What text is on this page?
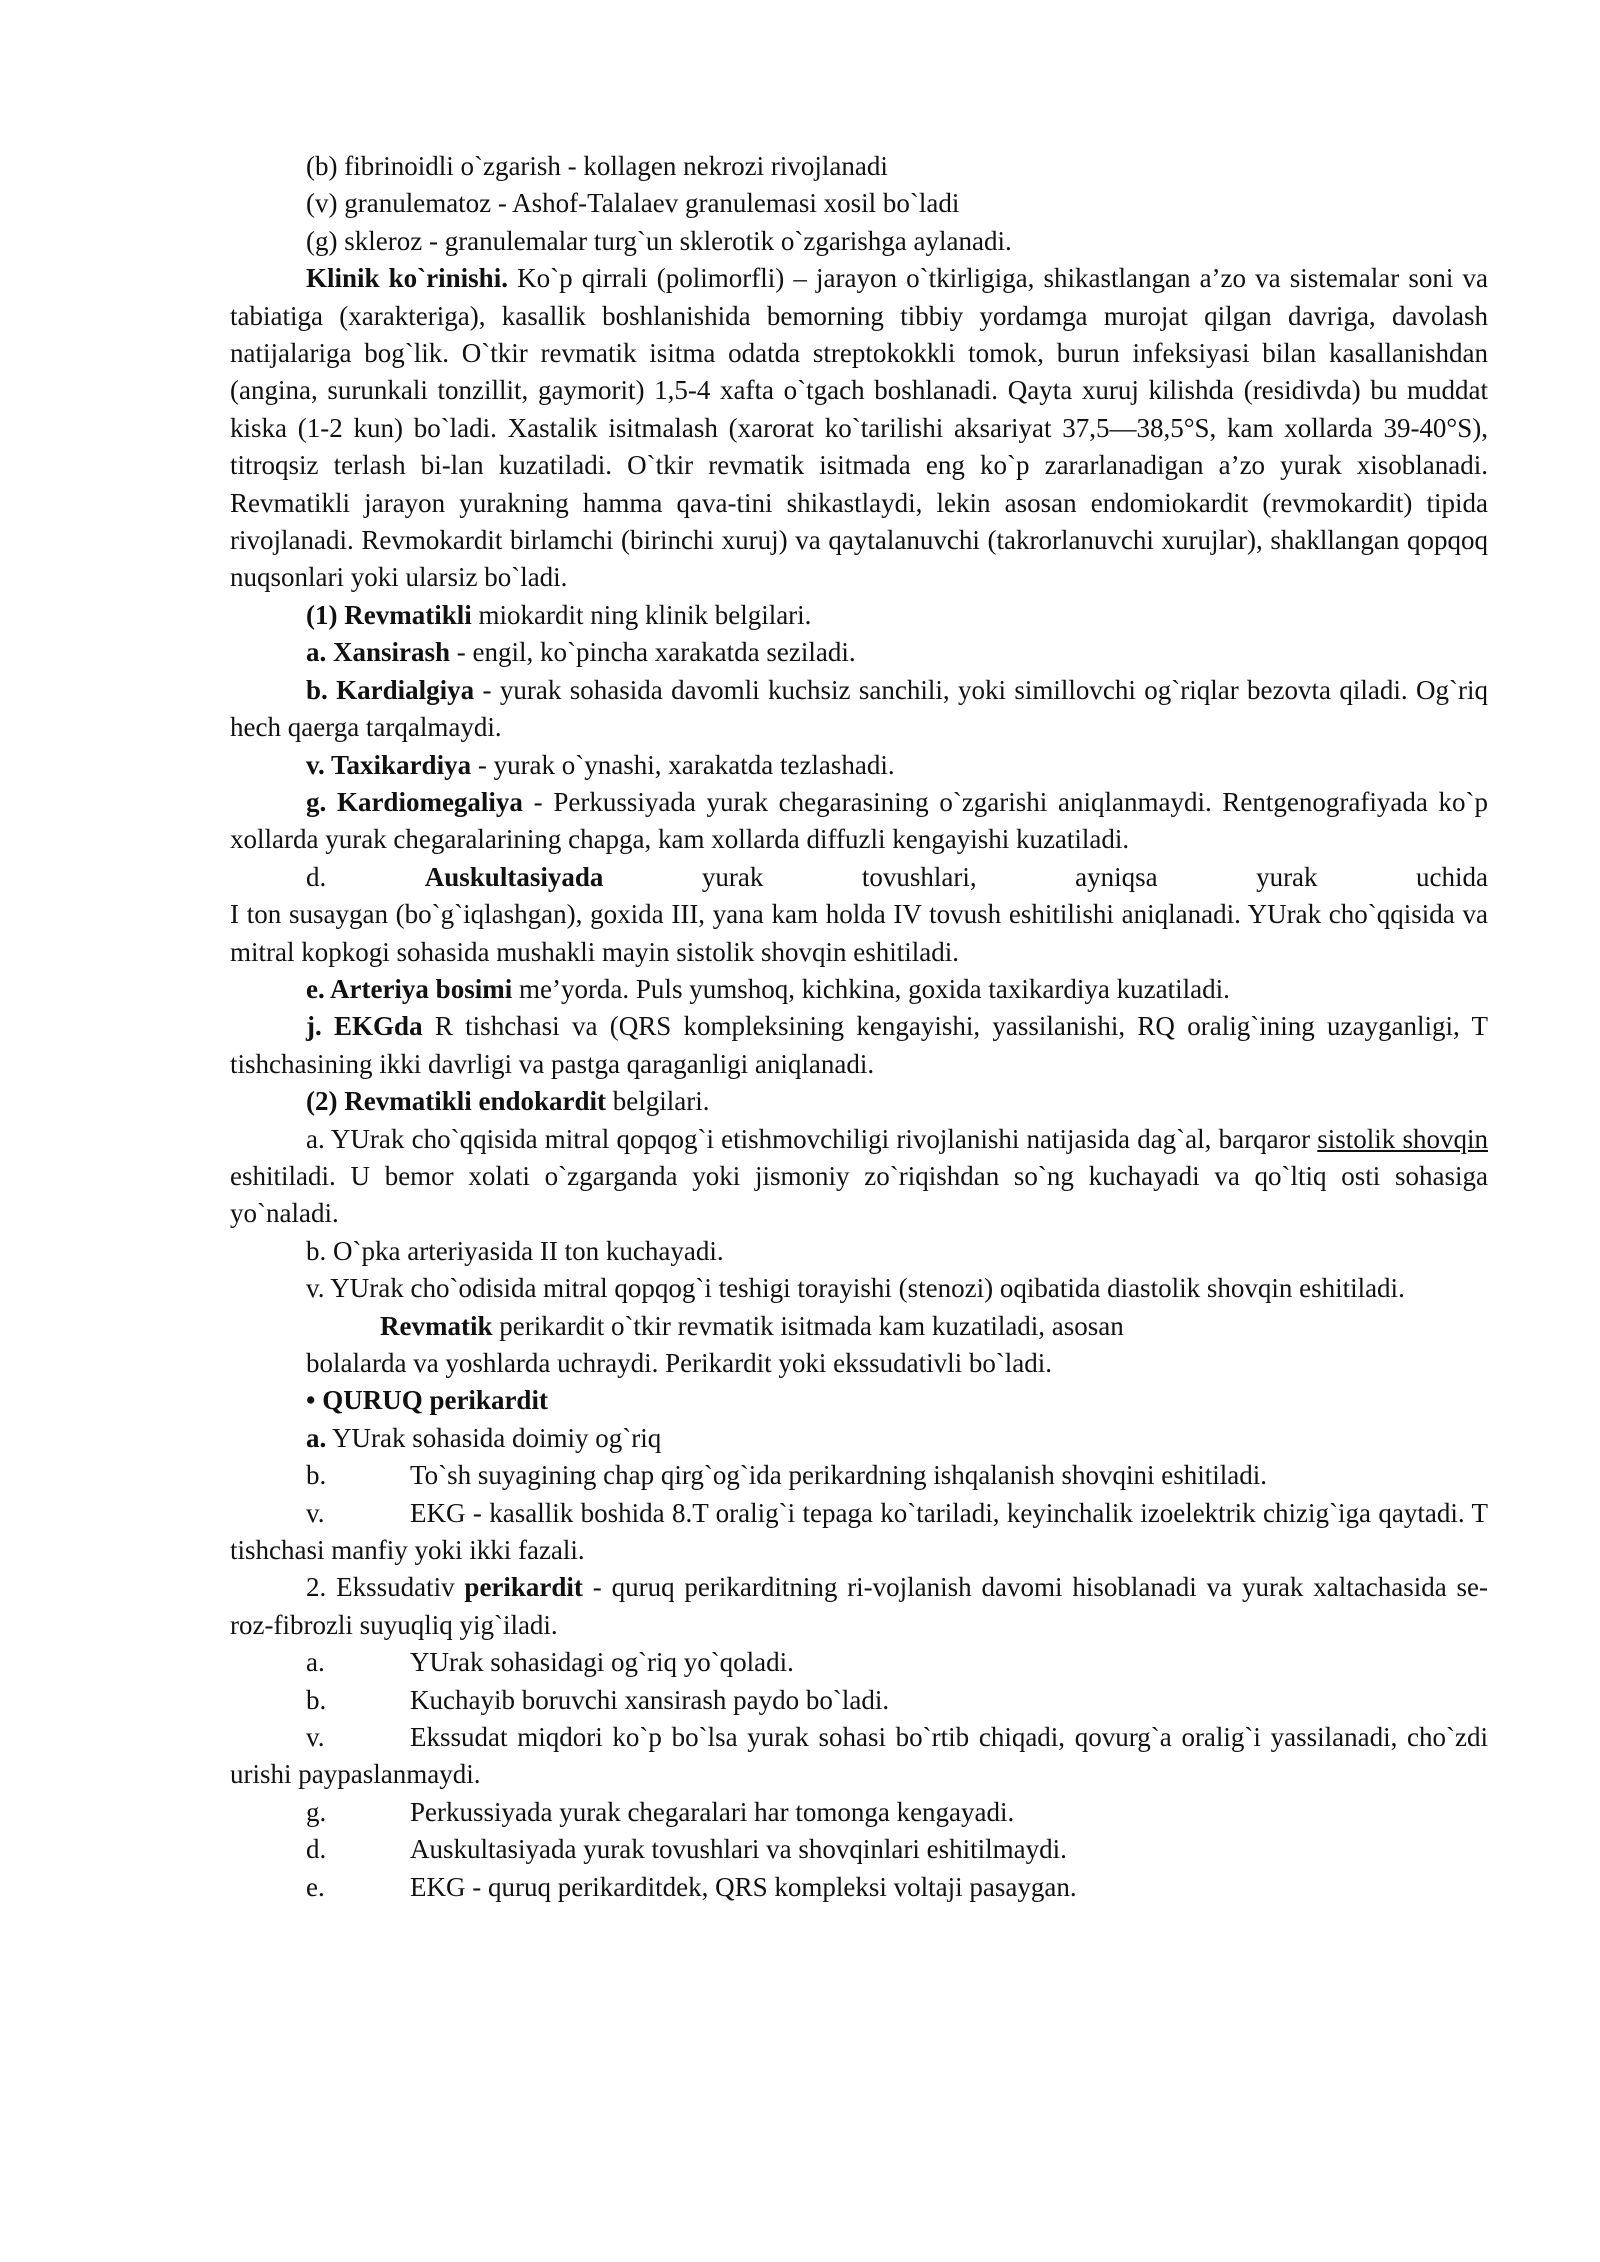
(b) fibrinoidli o`zgarish - kollagen nekrozi rivojlanadi

(v) granulematoz - Ashof-Talalaev granulemasi xosil bo`ladi

(g) skleroz - granulemalar turg`un sklerotik o`zgarishga aylanadi.

Klinik ko`rinishi. Ko`p qirrali (polimorfli) – jarayon o`tkirligiga, shikastlangan a’zo va sistemalar soni va tabiatiga (xarakteriga), kasallik boshlanishida bemorning tibbiy yordamga murojat qilgan davriga, davolash natijalariga bog`lik. O`tkir revmatik isitma odatda streptokokkli tomok, burun infeksiyasi bilan kasallanishdan (angina, surunkali tonzillit, gaymorit) 1,5-4 xafta o`tgach boshlanadi. Qayta xuruj kilishda (residivda) bu muddat kiska (1-2 kun) bo`ladi. Xastalik isitmalash (xarorat ko`tarilishi aksariyat 37,5—38,5°S, kam xollarda 39-40°S), titroqsiz terlash bi-lan kuzatiladi. O`tkir revmatik isitmada eng ko`p zararlanadigan a’zo yurak xisoblanadi. Revmatikli jarayon yurakning hamma qava-tini shikastlaydi, lekin asosan endomiokardit (revmokardit) tipida rivojlanadi. Revmokardit birlamchi (birinchi xuruj) va qaytalanuvchi (takrorlanuvchi xurujlar), shakllangan qopqoq nuqsonlari yoki ularsiz bo`ladi.

(1) Revmatikli miokardit ning klinik belgilari.

a. Xansirash - engil, ko`pincha xarakatda seziladi.

b. Kardialgiya - yurak sohasida davomli kuchsiz sanchili, yoki simillovchi og`riqlar bezovta qiladi. Og`riq hech qaerga tarqalmaydi.

v. Taxikardiya - yurak o`ynashi, xarakatda tezlashadi.

g. Kardiomegaliya - Perkussiyada yurak chegarasining o`zgarishi aniqlanmaydi. Rentgenografiyada ko`p xollarda yurak chegaralarining chapga, kam xollarda diffuzli kengayishi kuzatiladi.

d.	Auskultasiyada	yurak tovushlari, ayniqsa yurak uchida

I ton susaygan (bo`g`iqlashgan), goxida III, yana kam holda IV tovush eshitilishi aniqlanadi. YUrak cho`qqisida va mitral kopkogi sohasida mushakli mayin sistolik shovqin eshitiladi.

e. Arteriya bosimi me’yorda. Puls yumshoq, kichkina, goxida taxikardiya kuzatiladi.

j. EKGda R tishchasi va (QRS kompleksining kengayishi, yassilanishi, RQ oralig`ining uzayganligi, T tishchasining ikki davrligi va pastga qaraganligi aniqlanadi.

(2) Revmatikli endokardit belgilari.

a. YUrak cho`qqisida mitral qopqog`i etishmovchiligi rivojlanishi natijasida dag`al, barqaror sistolik shovqin eshitiladi. U bemor xolati o`zgarganda yoki jismoniy zo`riqishdan so`ng kuchayadi va qo`ltiq osti sohasiga yo`naladi.

b. O`pka arteriyasida II ton kuchayadi.

v. YUrak cho`odisida mitral qopqog`i teshigi torayishi (stenozi) oqibatida diastolik shovqin eshitiladi.

Revmatik perikardit o`tkir revmatik isitmada kam kuzatiladi, asosan

bolalarda va yoshlarda uchraydi. Perikardit yoki ekssudativli bo`ladi.

• QURUQ perikardit

a. YUrak sohasida doimiy og`riq

b.	To`sh suyagining chap qirg`og`ida perikardning ishqalanish shovqini eshitiladi.

v.	EKG - kasallik boshida 8.T oralig`i tepaga ko`tariladi, keyinchalik izoelektrik chizig`iga qaytadi. T tishchasi manfiy yoki ikki fazali.

2. Ekssudativ perikardit - quruq perikarditning ri-vojlanish davomi hisoblanadi va yurak xaltachasida se-roz-fibrozli suyuqliq yig`iladi.

a.	YUrak sohasidagi og`riq yo`qoladi.

b.	Kuchayib boruvchi xansirash paydo bo`ladi.

v.	Ekssudat miqdori ko`p bo`lsa yurak sohasi bo`rtib chiqadi, qovurg`a oralig`i yassilanadi, cho`zdi urishi paypaslanmaydi.

g.	Perkussiyada yurak chegaralari har tomonga kengayadi.

d.	Auskultasiyada yurak tovushlari va shovqinlari eshitilmaydi.

e.	EKG - quruq perikarditdek, QRS kompleksi voltaji pasaygan.
